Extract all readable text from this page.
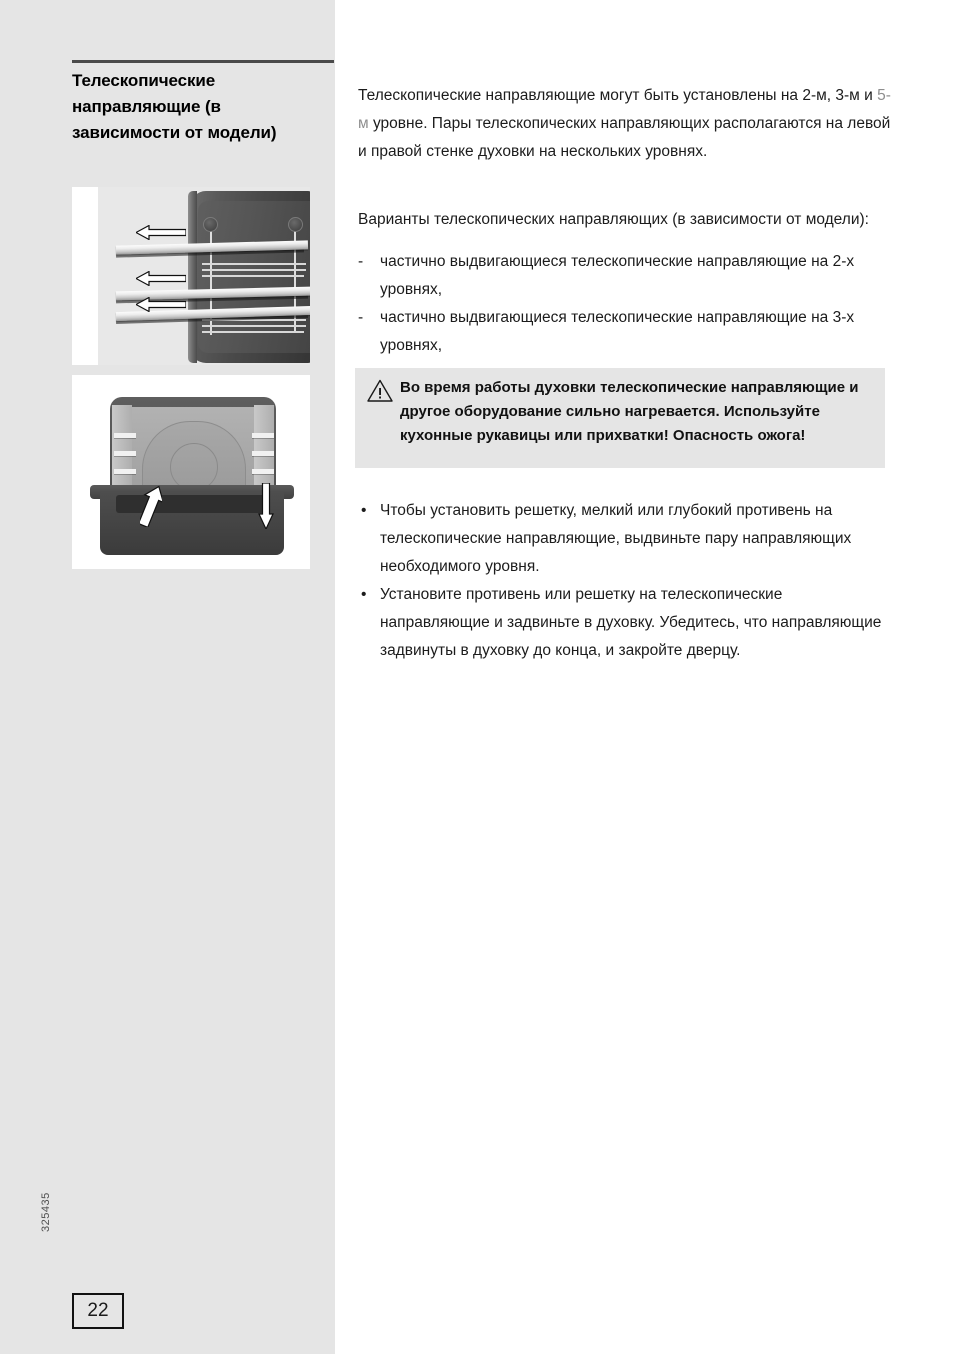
Телескопические направляющие (в зависимости от модели)
325435
22

Телескопические направляющие могут быть установлены на 2-м, 3-м и 5-м уровне. Пары телескопических направляющих располагаются на левой и правой стенке духовки на нескольких уровнях.

Варианты телескопических направляющих (в зависимости от модели):

- частично выдвигающиеся телескопические направляющие на 2-х уровнях,
- частично выдвигающиеся телескопические направляющие на 3-х уровнях,
Во время работы духовки телескопические направляющие и другое оборудование сильно нагревается. Используйте кухонные рукавицы или прихватки! Опасность ожога!
• Чтобы установить решетку, мелкий или глубокий противень на телескопические направляющие, выдвиньте пару направляющих необходимого уровня.
• Установите противень или решетку на телескопические направляющие и задвиньте в духовку. Убедитесь, что направляющие задвинуты в духовку до конца, и закройте дверцу.
